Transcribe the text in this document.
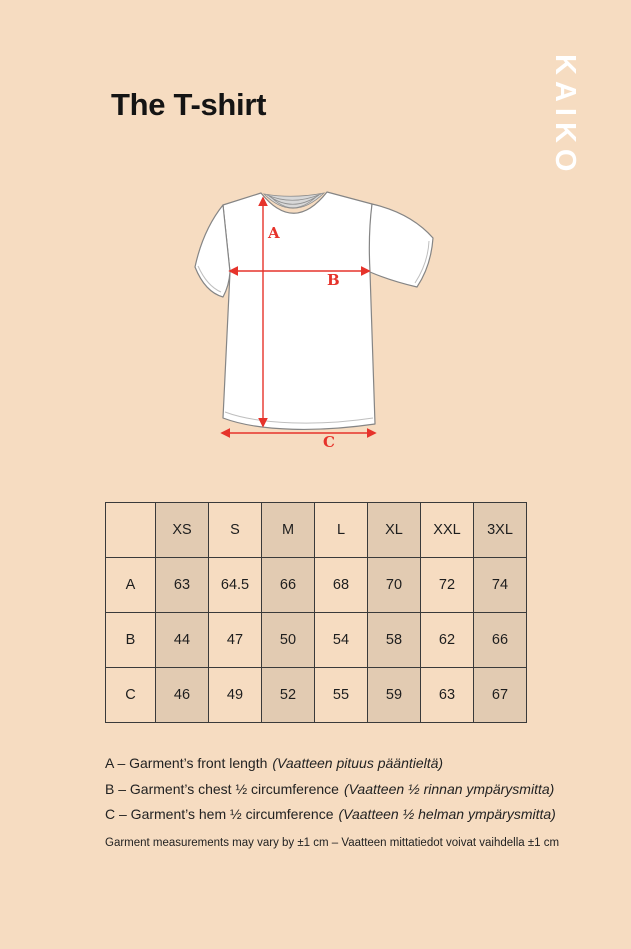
The T-shirt	KAIKO
A
B
C
XS	S	M	L	XL	XXL	3XL
A	63	64.5	66	68	70	72	74
B	44	47	50	54	58	62	66
C	46	49	52	55	59	63	67
A – Garment’s front length (Vaatteen pituus pääntieltä)
B – Garment’s chest ½ circumference (Vaatteen ½ rinnan ympärysmitta)
C – Garment’s hem ½ circumference (Vaatteen ½ helman ympärysmitta)
Garment measurements may vary by ±1 cm – Vaatteen mittatiedot voivat vaihdella ±1 cm
